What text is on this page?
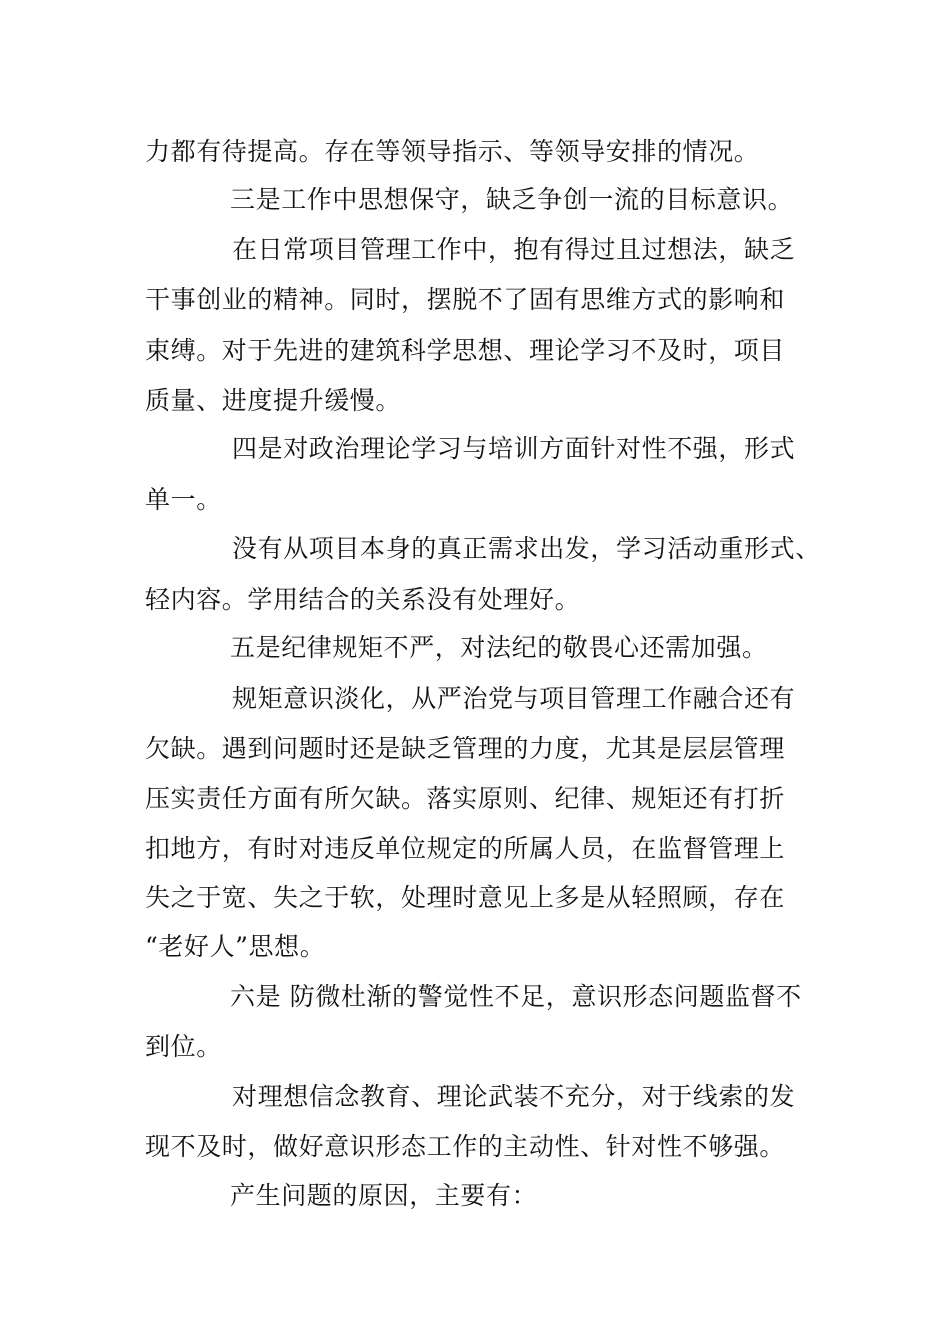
力都有待提高。存在等领导指示、等领导安排的情况。

三是工作中思想保守，缺乏争创一流的目标意识。

在日常项目管理工作中，抱有得过且过想法，缺乏

干事创业的精神。同时，摆脱不了固有思维方式的影响和

束缚。对于先进的建筑科学思想、理论学习不及时，项目

质量、进度提升缓慢。

四是对政治理论学习与培训方面针对性不强，形式

单一。

没有从项目本身的真正需求出发，学习活动重形式、

轻内容。学用结合的关系没有处理好。

五是纪律规矩不严，对法纪的敬畏心还需加强。

规矩意识淡化，从严治党与项目管理工作融合还有

欠缺。遇到问题时还是缺乏管理的力度，尤其是层层管理

压实责任方面有所欠缺。落实原则、纪律、规矩还有打折

扣地方，有时对违反单位规定的所属人员，在监督管理上

失之于宽、失之于软，处理时意见上多是从轻照顾，存在

“老好人”思想。

六是 防微杜渐的警觉性不足，意识形态问题监督不

到位。

对理想信念教育、理论武装不充分，对于线索的发

现不及时，做好意识形态工作的主动性、针对性不够强。

产生问题的原因，主要有：
